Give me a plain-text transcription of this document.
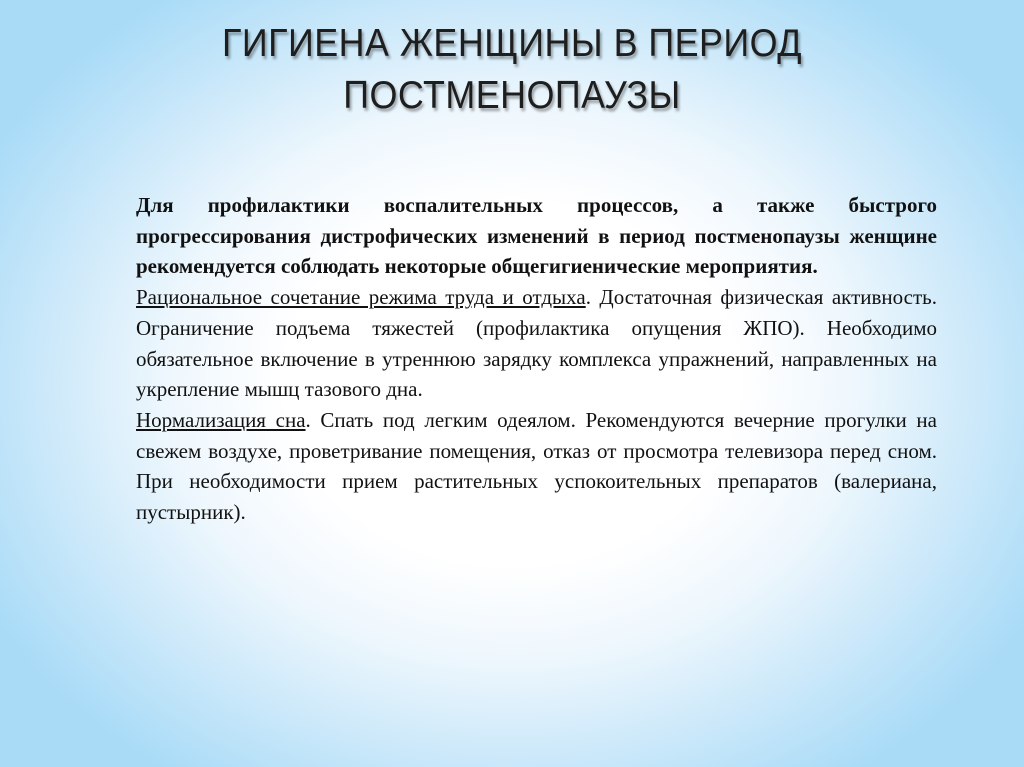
ГИГИЕНА ЖЕНЩИНЫ В ПЕРИОД
ПОСТМЕНОПАУЗЫ

Для профилактики воспалительных процессов, а также быстрого прогрессирования дистрофических изменений в период постменопаузы женщине рекомендуется соблюдать некоторые общегигиенические мероприятия.

Рациональное сочетание режима труда и отдыха. Достаточная физическая активность. Ограничение подъема тяжестей (профилактика опущения ЖПО). Необходимо обязательное включение в утреннюю зарядку комплекса упражнений, направленных на укрепление мышц тазового дна.

Нормализация сна. Спать под легким одеялом. Рекомендуются вечерние прогулки на свежем воздухе, проветривание помещения, отказ от просмотра телевизора перед сном. При необходимости прием растительных успокоительных препаратов (валериана, пустырник).
